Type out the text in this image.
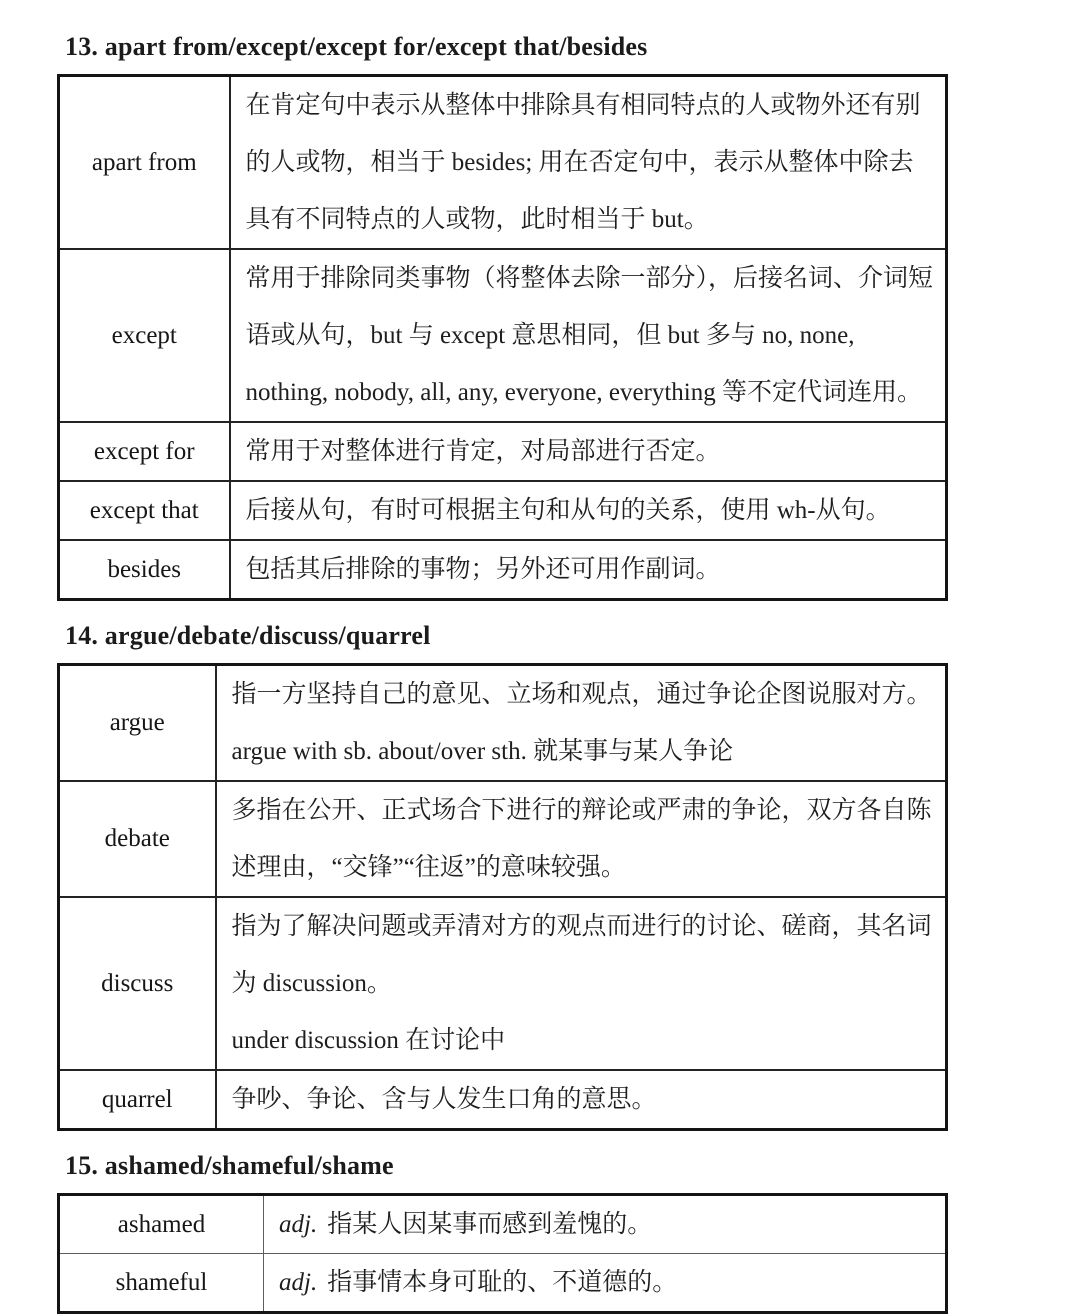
13. apart from/except/except for/except that/besides
apart from	在肯定句中表示从整体中排除具有相同特点的人或物外还有别的人或物，相当于 besides; 用在否定句中，表示从整体中除去具有不同特点的人或物，此时相当于 but。

except	常用于排除同类事物（将整体去除一部分），后接名词、介词短语或从句，but 与 except 意思相同，但 but 多与 no, none, nothing, nobody, all, any, everyone, everything 等不定代词连用。

except for	常用于对整体进行肯定，对局部进行否定。

except that	后接从句，有时可根据主句和从句的关系，使用 wh-从句。

besides	包括其后排除的事物；另外还可用作副词。
14. argue/debate/discuss/quarrel
argue	指一方坚持自己的意见、立场和观点，通过争论企图说服对方。
argue with sb. about/over sth. 就某事与某人争论

debate	多指在公开、正式场合下进行的辩论或严肃的争论，双方各自陈述理由，“交锋”“往返”的意味较强。

discuss	指为了解决问题或弄清对方的观点而进行的讨论、磋商，其名词为 discussion。
under discussion 在讨论中

quarrel	争吵、争论、含与人发生口角的意思。
15. ashamed/shameful/shame
ashamed	adj. 指某人因某事而感到羞愧的。

shameful	adj. 指事情本身可耻的、不道德的。
